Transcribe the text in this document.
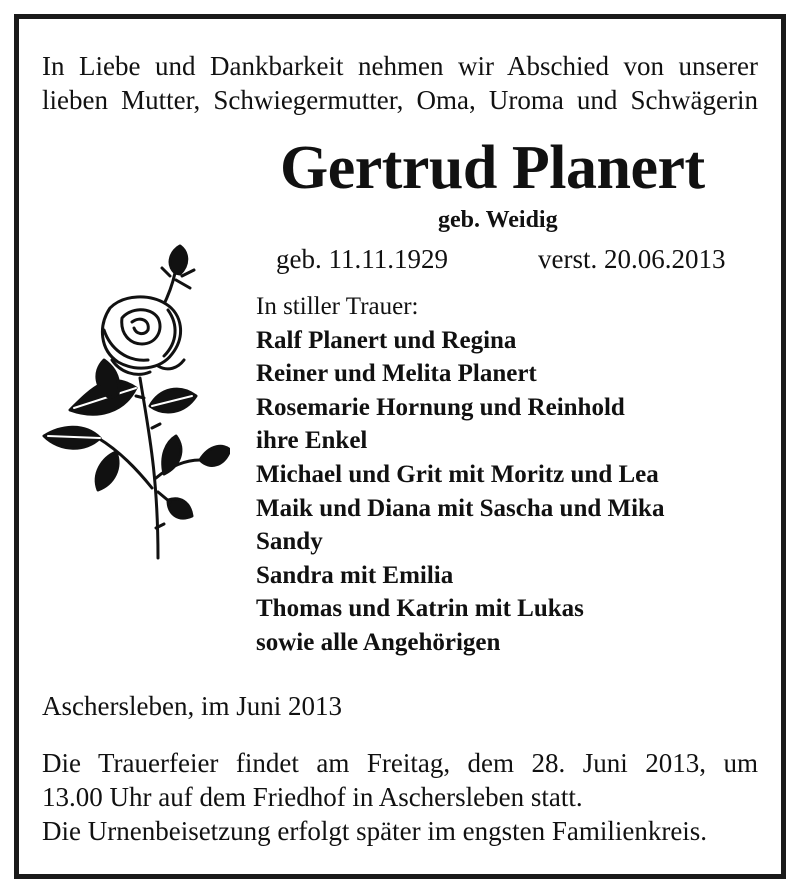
In Liebe und Dankbarkeit nehmen wir Abschied von unserer
lieben Mutter, Schwiegermutter, Oma, Uroma und Schwägerin
Gertrud Planert
geb. Weidig
geb. 11.11.1929	verst. 20.06.2013
In stiller Trauer:
Ralf Planert und Regina
Reiner und Melita Planert
Rosemarie Hornung und Reinhold
ihre Enkel
Michael und Grit mit Moritz und Lea
Maik und Diana mit Sascha und Mika
Sandy
Sandra mit Emilia
Thomas und Katrin mit Lukas
sowie alle Angehörigen
Aschersleben, im Juni 2013
Die Trauerfeier findet am Freitag, dem 28. Juni 2013, um
13.00 Uhr auf dem Friedhof in Aschersleben statt.
Die Urnenbeisetzung erfolgt später im engsten Familienkreis.
